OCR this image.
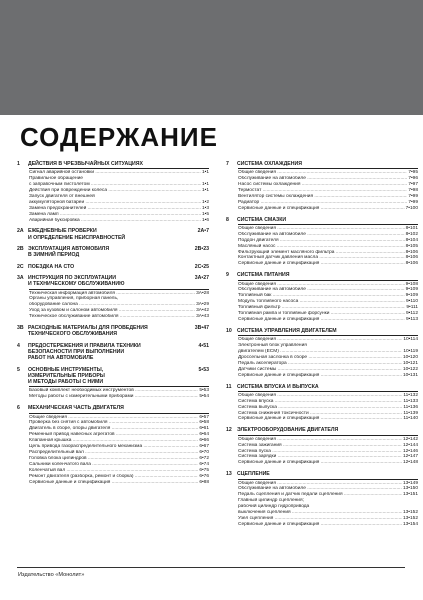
СОДЕРЖАНИЕ
1	ДЕЙСТВИЯ В ЧРЕЗВЫЧАЙНЫХ СИТУАЦИЯХ
Сигнал аварийной остановки .....	1•1
Правильное обращение
с заправочным пистолетом .....	1•1
Действия при повреждении колеса .....	1•1
Запуск двигателя от внешней
аккумуляторной батареи .....	1•2
Замена предохранителей .....	1•3
Замена ламп .....	1•5
Аварийная буксировка .....	1•6
2А ЕЖЕДНЕВНЫЕ ПРОВЕРКИ
И ОПРЕДЕЛЕНИЕ НЕИСПРАВНОСТЕЙ
2А•7
2В ЭКСПЛУАТАЦИЯ АВТОМОБИЛЯ
В ЗИМНИЙ ПЕРИОД
2В•23
2С ПОЕЗДКА НА СТО	2С•25
3А ИНСТРУКЦИЯ ПО ЭКСПЛУАТАЦИИ
И ТЕХНИЧЕСКОМУ ОБСЛУЖИВАНИЮ
3А•27
Техническая информация автомобиля .....	3А•28
Органы управления, приборная панель,
оборудование салона .....	3А•29
Уход за кузовом и салоном автомобиля .....	3А•42
Техническое обслуживание автомобиля .....	3А•43
3В РАСХОДНЫЕ МАТЕРИАЛЫ ДЛЯ ПРОВЕДЕНИЯ
ТЕХНИЧЕСКОГО ОБСЛУЖИВАНИЯ
3В•47
4	ПРЕДОСТЕРЕЖЕНИЯ И ПРАВИЛА ТЕХНИКИ
БЕЗОПАСНОСТИ ПРИ ВЫПОЛНЕНИИ
РАБОТ НА АВТОМОБИЛЕ
4•51
5	ОСНОВНЫЕ ИНСТРУМЕНТЫ,
ИЗМЕРИТЕЛЬНЫЕ ПРИБОРЫ
И МЕТОДЫ РАБОТЫ С НИМИ
5•53
Базовый комплект необходимых инструментов .....	5•53
Методы работы с измерительными приборами .....	5•54
6	МЕХАНИЧЕСКАЯ ЧАСТЬ ДВИГАТЕЛЯ
Общие сведения .....	6•57
Проверка без снятия с автомобиля .....	6•58
Двигатель в сборе, опоры двигателя .....	6•61
Ременный привод навесных агрегатов .....	6•64
Клапанная крышка .....	6•66
Цепь привода газораспределительного механизма .....	6•67
Распределительный вал .....	6•70
Головка блока цилиндров .....	6•72
Сальники коленчатого вала .....	6•74
Коленчатый вал .....	6•75
Ремонт двигателя (разборка, ремонт и сборка) .....	6•76
Сервисные данные и спецификация .....	6•88
7	СИСТЕМА ОХЛАЖДЕНИЯ
Общие сведения .....	7•95
Обслуживание на автомобиле .....	7•96
Насос системы охлаждения .....	7•97
Термостат .....	7•98
Вентилятор системы охлаждения .....	7•99
Радиатор .....	7•99
Сервисные данные и спецификация .....	7•100
8	СИСТЕМА СМАЗКИ
Общие сведения .....	8•101
Обслуживание на автомобиле .....	8•102
Поддон двигателя .....	8•104
Масляный насос .....	8•105
Фильтрующий элемент масляного фильтра .....	8•106
Контактный датчик давления масла .....	8•106
Сервисные данные и спецификация .....	8•106
9	СИСТЕМА ПИТАНИЯ
Общие сведения .....	9•108
Обслуживание на автомобиле .....	9•109
Топливный бак .....	9•109
Модуль топливного насоса .....	9•110
Топливный фильтр .....	9•111
Топливная рампа и топливные форсунки .....	9•112
Сервисные данные и спецификация .....	9•113
10	СИСТЕМА УПРАВЛЕНИЯ ДВИГАТЕЛЕМ
Общие сведения .....	10•114
Электронный блок управления
двигателем (ECM) .....	10•119
Дроссельная заслонка в сборе .....	10•120
Педаль акселератора .....	10•121
Датчики системы .....	10•122
Сервисные данные и спецификация .....	10•131
11	СИСТЕМА ВПУСКА И ВЫПУСКА
Общие сведения .....	11•132
Система впуска .....	11•133
Система выпуска .....	11•136
Система снижения токсичности .....	11•139
Сервисные данные и спецификация .....	11•140
12	ЭЛЕКТРООБОРУДОВАНИЕ ДВИГАТЕЛЯ
Общие сведения .....	12•142
Система зажигания .....	12•144
Система пуска .....	12•146
Система зарядки .....	12•147
Сервисные данные и спецификация .....	12•148
13	СЦЕПЛЕНИЕ
Общие сведения .....	13•149
Обслуживание на автомобиле .....	13•150
Педаль сцепления и датчик педали сцепления .....	13•151
Главный цилиндр сцепления;
рабочий цилиндр гидропривода
выключения сцепления .....	13•152
Узел сцепления .....	13•152
Сервисные данные и спецификация .....	13•154
Издательство «Монолит»
